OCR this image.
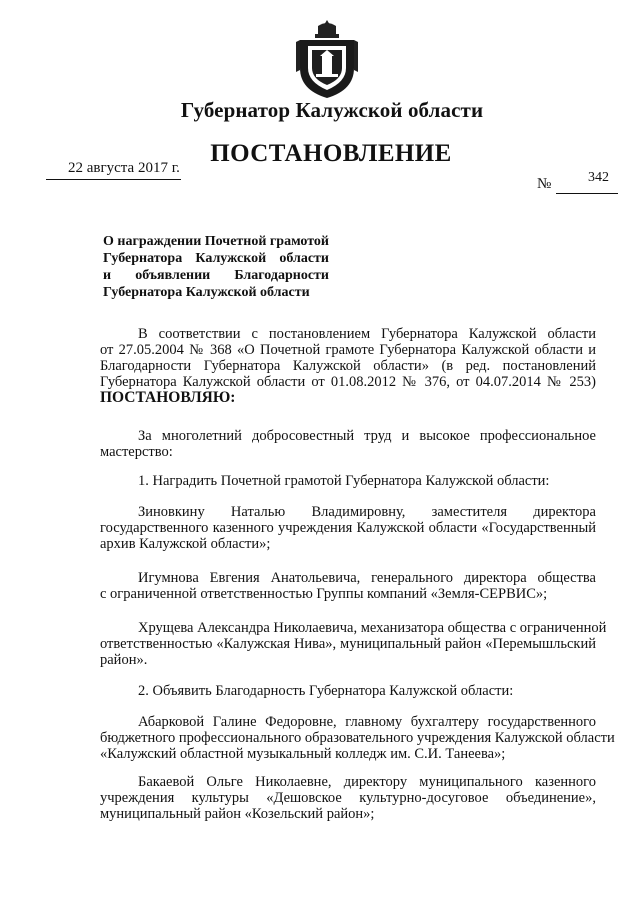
Губернатор Калужской области
ПОСТАНОВЛЕНИЕ
22 августа 2017 г.
№	342
О награждении Почетной грамотой
Губернатора Калужской области
и объявлении Благодарности
Губернатора Калужской области
В соответствии с постановлением Губернатора Калужской области
от 27.05.2004 № 368 «О Почетной грамоте Губернатора Калужской области и
Благодарности Губернатора Калужской области» (в ред. постановлений
Губернатора Калужской области от 01.08.2012 № 376, от 04.07.2014 № 253)
ПОСТАНОВЛЯЮ:
За многолетний добросовестный труд и высокое профессиональное
мастерство:
1. Наградить Почетной грамотой Губернатора Калужской области:
Зиновкину Наталью Владимировну, заместителя директора
государственного казенного учреждения Калужской области «Государственный
архив Калужской области»;
Игумнова Евгения Анатольевича, генерального директора общества
с ограниченной ответственностью Группы компаний «Земля-СЕРВИС»;
Хрущева Александра Николаевича, механизатора общества с ограниченной
ответственностью «Калужская Нива», муниципальный район «Перемышльский
район».
2. Объявить Благодарность Губернатора Калужской области:
Абарковой Галине Федоровне, главному бухгалтеру государственного
бюджетного профессионального образовательного учреждения Калужской области
«Калужский областной музыкальный колледж им. С.И. Танеева»;
Бакаевой Ольге Николаевне, директору муниципального казенного
учреждения культуры «Дешовское культурно-досуговое объединение»,
муниципальный район «Козельский район»;
